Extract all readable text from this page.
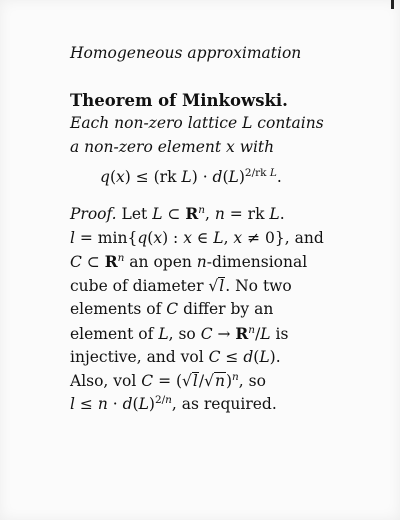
Homogeneous approximation

Theorem of Minkowski.

Each non-zero lattice L contains
a non-zero element x with
q(x) ≤ (rk $L) \cdot d(L)^{2/rk L}$.
Proof. Let L ⊂ $R^n$, n = rk L.
l = min{q(x) : x ∈ L, x ≠ 0}, and
C ⊂ $R^n$ an open n-dimensional
cube of diameter √l. No two
elements of C differ by an
element of L, so $C \to R^n/L$ is
injective, and vol C ≤ d(L).
Also, vol $C = (√l/√n)^n$, so
$l \le n \cdot d(L)^{2/n}$, as required.
